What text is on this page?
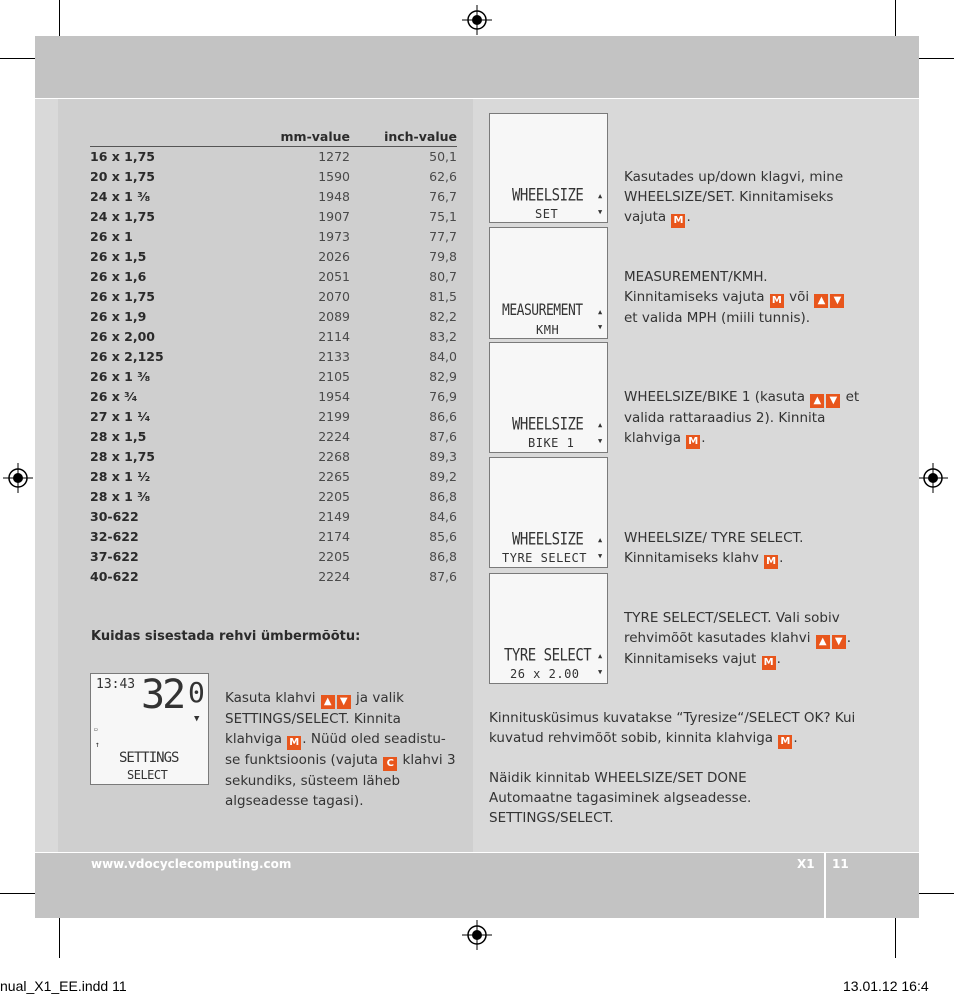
www.vdocyclecomputing.com	X1 11
	mm-value	inch-value
16 x 1,75	1272	50,1
20 x 1,75	1590	62,6
24 x 1 ³⁄₈	1948	76,7
24 x 1,75	1907	75,1
26 x 1	1973	77,7
26 x 1,5	2026	79,8
26 x 1,6	2051	80,7
26 x 1,75	2070	81,5
26 x 1,9	2089	82,2
26 x 2,00	2114	83,2
26 x 2,125	2133	84,0
26 x 1 ³⁄₈	2105	82,9
26 x ³⁄₄	1954	76,9
27 x 1 ¹⁄₄	2199	86,6
28 x 1,5	2224	87,6
28 x 1,75	2268	89,3
28 x 1 ¹⁄₂	2265	89,2
28 x 1 ³⁄₈	2205	86,8
30-622	2149	84,6
32-622	2174	85,6
37-622	2205	86,8
40-622	2224	87,6
Kuidas sisestada rehvi ümbermõõtu:
13:43 32 0
▼
▭
↑
SETTINGS
SELECT
Kasuta klahvi ▲ ▼ ja valik SETTINGS/SELECT. Kinnita klahviga M . Nüüd oled seadistu-se funktsioonis (vajuta C klahvi 3 sekundiks, süsteem läheb algseadesse tagasi).
WHEELSIZE
SET
▲
▼
MEASUREMENT
KMH
▲
▼
WHEELSIZE
BIKE 1
▲
▼
WHEELSIZE
TYRE SELECT
▲
▼
TYRE SELECT
26 x 2.00
▲
▼
Kasutades up/down klagvi, mine WHEELSIZE/SET. Kinnitamiseks vajuta M .
MEASUREMENT/KMH. Kinnitamiseks vajuta M või ▲ ▼ et valida MPH (miili tunnis).
WHEELSIZE/BIKE 1 (kasuta ▲ ▼ et valida rattaraadius 2). Kinnita klahviga M .
WHEELSIZE/ TYRE SELECT. Kinnitamiseks klahv M .
TYRE SELECT/SELECT. Vali sobiv rehvimõõt kasutades klahvi ▲ ▼ . Kinnitamiseks vajut M .
Kinnitusküsimus kuvatakse “Tyresize“/SELECT OK? Kui kuvatud rehvimõõt sobib, kinnita klahviga M .
Näidik kinnitab WHEELSIZE/SET DONE Automaatne tagasiminek algseadesse. SETTINGS/SELECT.
nual_X1_EE.indd 11	13.01.12 16:4
